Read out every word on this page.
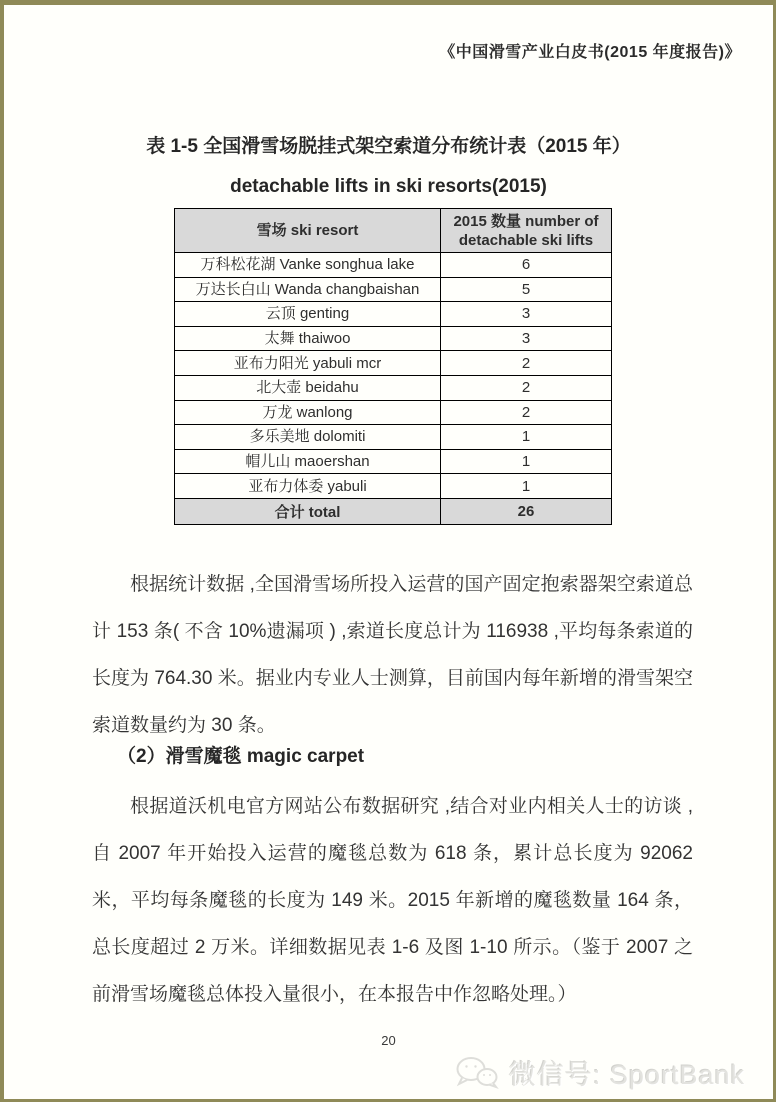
《中国滑雪产业白皮书(2015 年度报告)》
表 1-5 全国滑雪场脱挂式架空索道分布统计表（2015 年）
detachable lifts in ski resorts(2015)
雪场 ski resort	2015 数量 number of detachable ski lifts
万科松花湖 Vanke songhua lake	6
万达长白山 Wanda changbaishan	5
云顶 genting	3
太舞 thaiwoo	3
亚布力阳光 yabuli mcr	2
北大壶 beidahu	2
万龙 wanlong	2
多乐美地 dolomiti	1
帽儿山 maoershan	1
亚布力体委 yabuli	1
合计 total	26

根据统计数据 ,全国滑雪场所投入运营的国产固定抱索器架空索道总计 153 条( 不含 10%遗漏项 ) ,索道长度总计为 116938 ,平均每条索道的长度为 764.30 米。据业内专业人士测算，目前国内每年新增的滑雪架空索道数量约为 30 条。

（2）滑雪魔毯 magic carpet

根据道沃机电官方网站公布数据研究 ,结合对业内相关人士的访谈 ,自 2007 年开始投入运营的魔毯总数为 618 条，累计总长度为 92062 米，平均每条魔毯的长度为 149 米。2015 年新增的魔毯数量 164 条，总长度超过 2 万米。详细数据见表 1-6 及图 1-10 所示。（鉴于 2007 之前滑雪场魔毯总体投入量很小，在本报告中作忽略处理。）

20
微信号: SportBank
